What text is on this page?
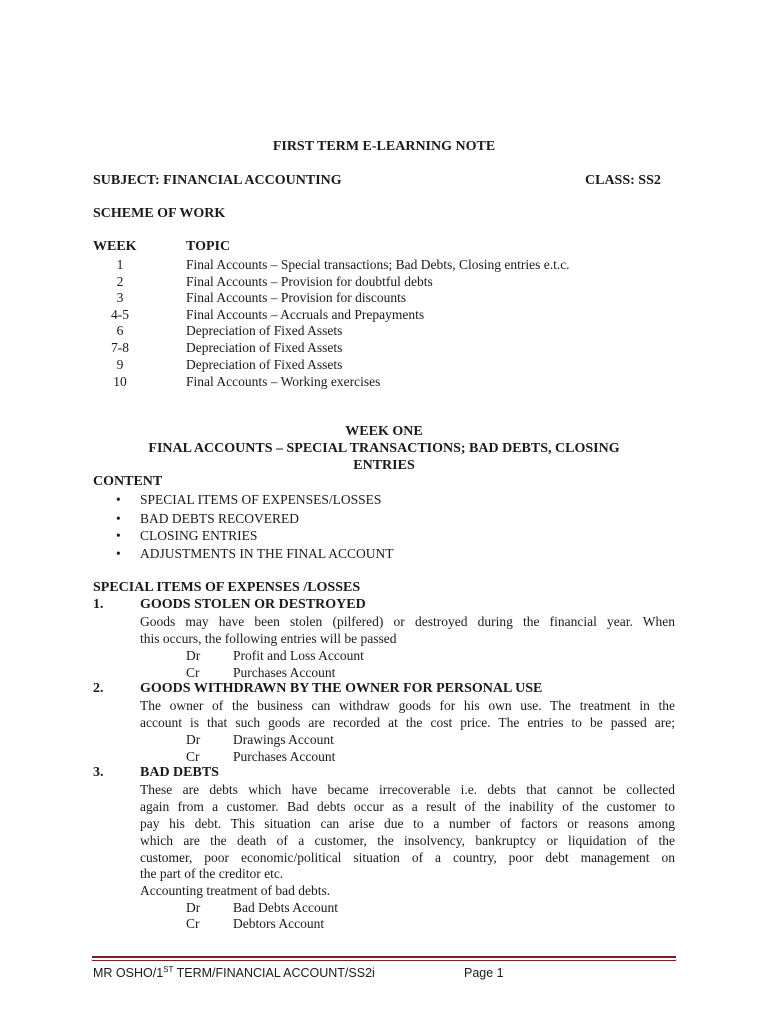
FIRST TERM E-LEARNING NOTE
SUBJECT: FINANCIAL ACCOUNTING	CLASS: SS2
SCHEME OF WORK
WEEK	TOPIC
1	Final Accounts – Special transactions; Bad Debts, Closing entries e.t.c.
2	Final Accounts – Provision for doubtful debts
3	Final Accounts – Provision for discounts
4-5	Final Accounts – Accruals and Prepayments
6	Depreciation of Fixed Assets
7-8	Depreciation of Fixed Assets
9	Depreciation of Fixed Assets
10	Final Accounts – Working exercises
WEEK ONE
FINAL ACCOUNTS – SPECIAL TRANSACTIONS; BAD DEBTS, CLOSING
ENTRIES
CONTENT
• SPECIAL ITEMS OF EXPENSES/LOSSES
• BAD DEBTS RECOVERED
• CLOSING ENTRIES
• ADJUSTMENTS IN THE FINAL ACCOUNT
SPECIAL ITEMS OF EXPENSES /LOSSES
1.	GOODS STOLEN OR DESTROYED
Goods may have been stolen (pilfered) or destroyed during the financial year. When
this occurs, the following entries will be passed
Dr Profit and Loss Account
Cr Purchases Account
2.	GOODS WITHDRAWN BY THE OWNER FOR PERSONAL USE
The owner of the business can withdraw goods for his own use. The treatment in the
account is that such goods are recorded at the cost price. The entries to be passed are;
Dr Drawings Account
Cr Purchases Account
3.	BAD DEBTS
These are debts which have became irrecoverable i.e. debts that cannot be collected
again from a customer. Bad debts occur as a result of the inability of the customer to
pay his debt. This situation can arise due to a number of factors or reasons among
which are the death of a customer, the insolvency, bankruptcy or liquidation of the
customer, poor economic/political situation of a country, poor debt management on
the part of the creditor etc.
Accounting treatment of bad debts.
Dr Bad Debts Account
Cr Debtors Account
MR OSHO/1ST TERM/FINANCIAL ACCOUNT/SS2i	Page 1
